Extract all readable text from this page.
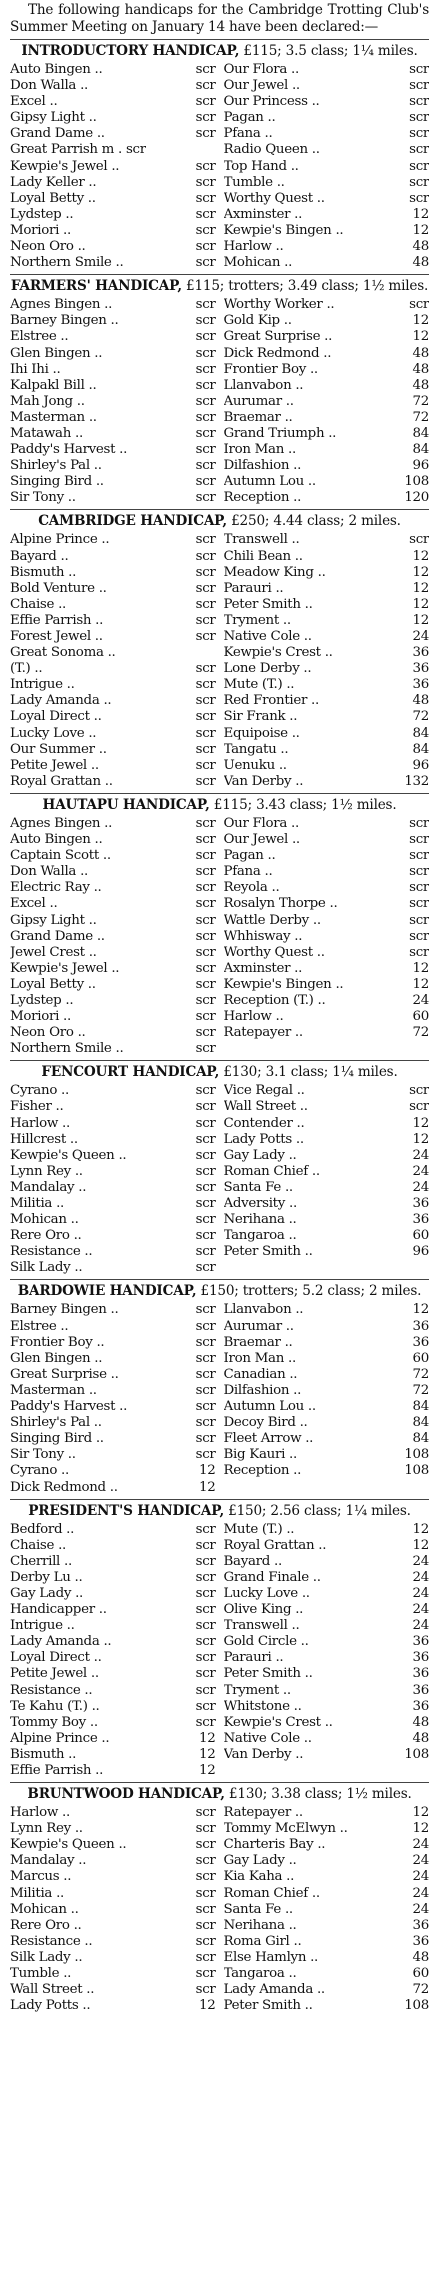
The following handicaps for the Cambridge Trotting Club's Summer Meeting on January 14 have been declared:—

INTRODUCTORY HANDICAP, £115; 3.5 class; 1¼ miles.

Auto Bingen ..	scr Our Flora ..	scr
Don Walla ..	scr Our Jewel ..	scr
Excel ..	scr Our Princess ..	scr
Gipsy Light ..	scr Pagan ..	scr
Grand Dame ..	scr Pfana ..	scr
Great Parrish m . scr	Radio Queen ..	scr
Kewpie's Jewel ..	scr Top Hand ..	scr
Lady Keller ..	scr Tumble ..	scr
Loyal Betty ..	scr Worthy Quest ..	scr
Lydstep ..	scr Axminster ..	12
Moriori ..	scr Kewpie's Bingen ..	12
Neon Oro ..	scr Harlow ..	48
Northern Smile ..	scr Mohican ..	48

FARMERS' HANDICAP, £115; trotters; 3.49 class; 1½ miles.

Agnes Bingen ..	scr Worthy Worker ..	scr
Barney Bingen ..	scr Gold Kip ..	12
Elstree ..	scr Great Surprise ..	12
Glen Bingen ..	scr Dick Redmond ..	48
Ihi Ihi ..	scr Frontier Boy ..	48
Kalpakl Bill ..	scr Llanvabon ..	48
Mah Jong ..	scr Aurumar ..	72
Masterman ..	scr Braemar ..	72
Matawah ..	scr Grand Triumph ..	84
Paddy's Harvest ..	scr Iron Man ..	84
Shirley's Pal ..	scr Dilfashion ..	96
Singing Bird ..	scr Autumn Lou ..	108
Sir Tony ..	scr Reception ..	120

CAMBRIDGE HANDICAP, £250; 4.44 class; 2 miles.

Alpine Prince ..	scr Transwell ..	scr
Bayard ..	scr Chili Bean ..	12
Bismuth ..	scr Meadow King ..	12
Bold Venture ..	scr Parauri ..	12
Chaise ..	scr Peter Smith ..	12
Effie Parrish ..	scr Tryment ..	12
Forest Jewel ..	scr Native Cole ..	24
Great Sonoma ..	Kewpie's Crest ..	36
(T.) ..	scr Lone Derby ..	36
Intrigue ..	scr Mute (T.) ..	36
Lady Amanda ..	scr Red Frontier ..	48
Loyal Direct ..	scr Sir Frank ..	72
Lucky Love ..	scr Equipoise ..	84
Our Summer ..	scr Tangatu ..	84
Petite Jewel ..	scr Uenuku ..	96
Royal Grattan ..	scr Van Derby ..	132

HAUTAPU HANDICAP, £115; 3.43 class; 1½ miles.

Agnes Bingen ..	scr Our Flora ..	scr
Auto Bingen ..	scr Our Jewel ..	scr
Captain Scott ..	scr Pagan ..	scr
Don Walla ..	scr Pfana ..	scr
Electric Ray ..	scr Reyola ..	scr
Excel ..	scr Rosalyn Thorpe ..	scr
Gipsy Light ..	scr Wattle Derby ..	scr
Grand Dame ..	scr Whhisway ..	scr
Jewel Crest ..	scr Worthy Quest ..	scr
Kewpie's Jewel ..	scr Axminster ..	12
Loyal Betty ..	scr Kewpie's Bingen ..	12
Lydstep ..	scr Reception (T.) ..	24
Moriori ..	scr Harlow ..	60
Neon Oro ..	scr Ratepayer ..	72
Northern Smile ..	scr

FENCOURT HANDICAP, £130; 3.1 class; 1¼ miles.

Cyrano ..	scr Vice Regal ..	scr
Fisher ..	scr Wall Street ..	scr
Harlow ..	scr Contender ..	12
Hillcrest ..	scr Lady Potts ..	12
Kewpie's Queen ..	scr Gay Lady ..	24
Lynn Rey ..	scr Roman Chief ..	24
Mandalay ..	scr Santa Fe ..	24
Militia ..	scr Adversity ..	36
Mohican ..	scr Nerihana ..	36
Rere Oro ..	scr Tangaroa ..	60
Resistance ..	scr Peter Smith ..	96
Silk Lady ..	scr

BARDOWIE HANDICAP, £150; trotters; 5.2 class; 2 miles.

Barney Bingen ..	scr Llanvabon ..	12
Elstree ..	scr Aurumar ..	36
Frontier Boy ..	scr Braemar ..	36
Glen Bingen ..	scr Iron Man ..	60
Great Surprise ..	scr Canadian ..	72
Masterman ..	scr Dilfashion ..	72
Paddy's Harvest ..	scr Autumn Lou ..	84
Shirley's Pal ..	scr Decoy Bird ..	84
Singing Bird ..	scr Fleet Arrow ..	84
Sir Tony ..	scr Big Kauri ..	108
Cyrano ..	12 Reception ..	108
Dick Redmond ..	12

PRESIDENT'S HANDICAP, £150; 2.56 class; 1¼ miles.

Bedford ..	scr Mute (T.) ..	12
Chaise ..	scr Royal Grattan ..	12
Cherrill ..	scr Bayard ..	24
Derby Lu ..	scr Grand Finale ..	24
Gay Lady ..	scr Lucky Love ..	24
Handicapper ..	scr Olive King ..	24
Intrigue ..	scr Transwell ..	24
Lady Amanda ..	scr Gold Circle ..	36
Loyal Direct ..	scr Parauri ..	36
Petite Jewel ..	scr Peter Smith ..	36
Resistance ..	scr Tryment ..	36
Te Kahu (T.) ..	scr Whitstone ..	36
Tommy Boy ..	scr Kewpie's Crest ..	48
Alpine Prince ..	12 Native Cole ..	48
Bismuth ..	12 Van Derby ..	108
Effie Parrish ..	12

BRUNTWOOD HANDICAP, £130; 3.38 class; 1½ miles.

Harlow ..	scr Ratepayer ..	12
Lynn Rey ..	scr Tommy McElwyn ..	12
Kewpie's Queen ..	scr Charteris Bay ..	24
Mandalay ..	scr Gay Lady ..	24
Marcus ..	scr Kia Kaha ..	24
Militia ..	scr Roman Chief ..	24
Mohican ..	scr Santa Fe ..	24
Rere Oro ..	scr Nerihana ..	36
Resistance ..	scr Roma Girl ..	36
Silk Lady ..	scr Else Hamlyn ..	48
Tumble ..	scr Tangaroa ..	60
Wall Street ..	scr Lady Amanda ..	72
Lady Potts ..	12 Peter Smith ..	108
